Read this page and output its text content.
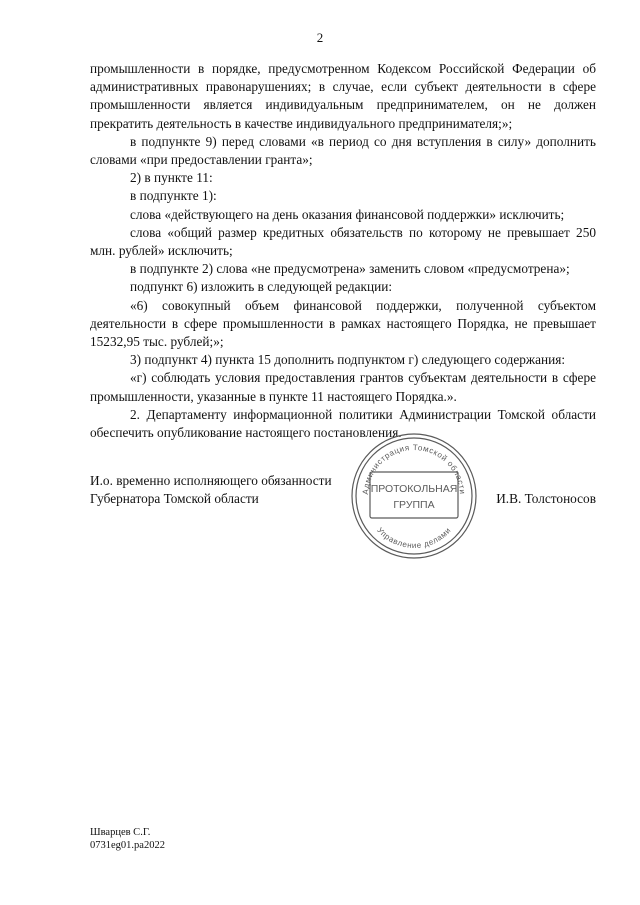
2

промышленности в порядке, предусмотренном Кодексом Российской Федерации об административных правонарушениях; в случае, если субъект деятельности в сфере промышленности является индивидуальным предпринимателем, он не должен прекратить деятельность в качестве индивидуального предпринимателя;»;

в подпункте 9) перед словами «в период со дня вступления в силу» дополнить словами «при предоставлении гранта»;

2) в пункте 11:

в подпункте 1):

слова «действующего на день оказания финансовой поддержки» исключить;

слова «общий размер кредитных обязательств по которому не превышает 250 млн. рублей» исключить;

в подпункте 2) слова «не предусмотрена» заменить словом «предусмотрена»;

подпункт 6) изложить в следующей редакции:

«6) совокупный объем финансовой поддержки, полученной субъектом деятельности в сфере промышленности в рамках настоящего Порядка, не превышает 15232,95 тыс. рублей;»;

3) подпункт 4) пункта 15 дополнить подпунктом г) следующего содержания:

«г) соблюдать условия предоставления грантов субъектам деятельности в сфере промышленности, указанные в пункте 11 настоящего Порядка.».

2. Департаменту информационной политики Администрации Томской области обеспечить опубликование настоящего постановления.

И.о. временно исполняющего обязанности
Губернатора Томской области	И.В. Толстоносов
Администрация Томской области
Управление делами
ПРОТОКОЛЬНАЯ
ГРУППА
Шварцев С.Г.
0731eg01.pa2022
